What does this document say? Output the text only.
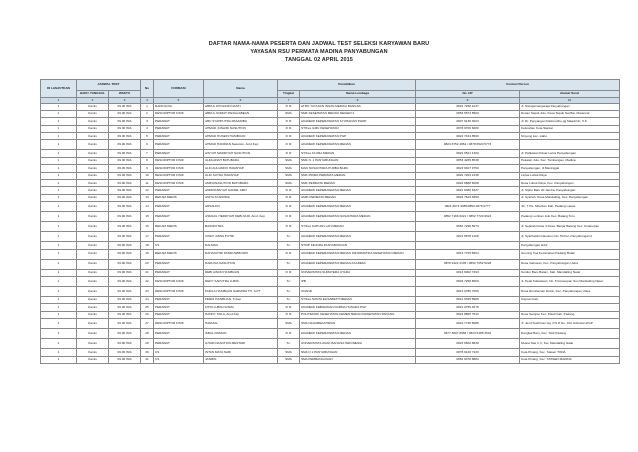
DAFTAR NAMA-NAMA PESERTA DAN JADWAL TEST SELEKSI KARYAWAN BARU
YAYASAN RSU PERMATA MADINA PANYABUNGAN
TANGGAL 02 APRIL 2015
DI LANJUTKAN	JADWAL TEST		No	FORMASI	Nama	Pendidikan		Contact Person	
	HARI / TANGGAL	WAKTU				Tingkat	Nama Lembaga	No. HP	Alamat Surat
1	2	3	4	5	6	7	8	9	10
1	Kamis	09.00 Wib	1	RADIOLOGI	ABDUL KHOLIDIN NASTI	D III	ATRO YAYASAN INSAN MEDIKA BANGSA	0822 7268 4237	Jl. Sisingamangaraja Panyabungan
1	Kamis	09.00 Wib	2	DESCRIPTOR FISIK	ABDUL SOMAT PANGGABEAN	SMA	SMK KESEHATAN MEDAN NEGERI 2	0853 5873 8500	Desan Siquik Julu, Desa Siquik Nai Bai, Marancar
1	Kamis	09.00 Wib	3	PERAWAT	ABU SYAHPUTRA PASARIBU	D III	AKADEMI KEPERAWATAN SYUHADAH PGRP	0807 6136 3023	Jl. Dr. Panyangan Dalimunthe gg Maadi No. 5-6
1	Kamis	09.00 Wib	4	PERAWAT	AHMAD JUNAIDI NASUTION	D III	STIKes ILMU KESEHATAN	0878 9706 6080	Kelurahan Kota Siantar
1	Kamis	09.00 Wib	5	PERAWAT	AHMAD HUSEIN HASIBUAN	D III	AKADEMI KEPERAWATAN PGP	0822 7434 8500	Sinyong kec. siabu
1	Kamis	09.00 Wib	6	PERAWAT	AHMAD HADRIAN Nasution, Amd.Kep	D III	AKADEMI KEPERAWATAN MEDAN	0823 6752 4864 / 0878 6520 5773	
1	Kamis	09.00 Wib	7	PERAWAT	AISYAH MARDIYAH NASUTION	D III	STIKes FLORA MEDAN	0822 6521 1300	Jl. Pahlawan Pasar Lama Panyabungan
1	Kamis	09.00 Wib	8	DESCRIPTOR FISIK	ALFAUZIAH BATUBARA	SMA	SMK N. 1 PANYABUNGAN	0853 4265 8538	Pekatan Julu, Kec. Tambangan, Madina
1	Kamis	09.00 Wib	9	DESCRIPTOR FISIK	ALFI AULIANDO HARAHAP	SMA	MAN NUSANTARA PURBA BARU	0823 6407 9750	Panyabungan, Jl.Maninggal
1	Kamis	09.00 Wib	10	DESCRIPTOR FISIK	ALDI SUTRA HARAHAP	SMA	SMK PRIMA PERMATA MEDAN	0822 7204 2138	Lintas Lubuk Raya
1	Kamis	09.00 Wib	11	DESCRIPTOR FISIK	AMINUNASUTION BATUBARA	SMA	SMK PERMATA MEDAN	0822 6868 6008	Desa Lubuk Raya, Kec. Panyabungan
1	Kamis	09.00 Wib	12	PERAWAT	ANDRIANSYAH DANIEL AMN	D III	AKADEMI KEPERAWATAN MEDAN	0821 6386 6327	Jl. Sipiro Batu 20 Jamba, Panyabungan
1	Kamis	09.00 Wib	13	REKAM MEDIS	ANITA SYAFRIDA	D III	AMIK PERMATA MEDAN	0822 7624 8350	Jl. Syariah, Desa Mandailing, Kec. Panyabungan
1	Kamis	09.00 Wib	14	PERAWAT	ARSALDO	D III	AKADEMI KEPERAWATAN MEDAN	0821 6673 4385/0852 0878 0777	Jln. T Pa. Siboltum Kab. Padang Lawas
1	Kamis	09.00 Wib	15	PERAWAT	ASMAUL HEDDIYAH DEBI NUR, Amd. Kep	D III	AKADEMI KEPERAWATAN NUSANTARA MEDAN	0852 7166 6021 / 0852 7729 9624	Padang Lumban Julu Kec. Batang Toru
1	Kamis	09.00 Wib	16	REKAM MEDIS	BAIKIPUTRA	D III	STIKes KAPUAN LAH MEDAN	0852 7298 5973	Jl. Sejarah Kelas 4 Desa. Banjar Batang Kec. Kotanopan
1	Kamis	09.00 Wib	17	PERAWAT	CINDY AZWA PUTRI	S I	AKADEMI KEPERAWATAN MEDAN	0821 8878 1168	Jl. Syarifuddin Nasution No. 50 Kel. Panyabungan II
1	Kamis	09.00 Wib	18	CS	DALMAN	S I	STKIP KEJORA PANYABUNGAN		Panyabungan kidul
1	Kamis	09.00 Wib	19	REKAM MEDIS	DAHANUTRI PANDUWIBOWO	D III	AKADEMI KEPERAWATAN MEDAN INFORMATIKA KESEHATAN MEDAN	0813 7765 6604	Gunung Tua Kecamatan Padang Bolak
1	Kamis	09.00 Wib	20	PERAWAT	DARLINA NASUTION	S I	AKADEMI KEPERAWATAN MEDAN AKADEMI	0878 9122 2135 / 0852 7652 5228	Desa Gabusan, Kec. Panyabungan Utara
1	Kamis	09.00 Wib	21	PERAWAT	DEBI AINUN HASIBUAN	D III	UNIVERSITAS SUMATERA UTARA	0813 6002 7393	Kerdun Baru Balam, Kab. Mandailing Natal
1	Kamis	09.00 Wib	22	DESCRIPTOR FISIK	DEDY SAPUTRA LUBIS	S I	IPB	0822 7258 8060	Jl. Petal Kabulasan, No. 5 Kotasopan Sun Mandailing Natal
1	Kamis	09.00 Wib	23	DESCRIPTOR FISIK	FADILA HASIBUAN SARMIDA TH. S.PT	S I	UNAND	0813 6786 7666	Desa Rumbaman Dolok, Kec. Panyabungan Utara
1	Kamis	09.00 Wib	24	PERAWAT	FERDI HASIBUAN, S.Kep	S I	STIKes SANTA ELISABETH MEDAN	0812 6395 8908	Kayuan Kab.
1	Kamis	09.00 Wib	25	PERAWAT	FITRI LUBIS NUNIM	D III	AKADEMI KEBIDANAN DARMA HUSADA PGP	0821 6755 4575	
1	Kamis	09.00 Wib	26	PERAWAT	HANNY SOLA, Amd.Kep	D III	POLITEKNIK KESEHATAN KEMENTERIAN KESEHATAN PADANG	0823 8865 7543	Desa Sampar Kec. Pisah Kab. Padang
1	Kamis	09.00 Wib	27	DESCRIPTOR FISIK	HARIZAL	SMA	SMA NAGAREKAHIRAN	0822 7748 5088	Jl. Jend Sudirman Gg. P.S D No. 10A Gabusan PGP
1	Kamis	09.00 Wib	28	PERAWAT	IKBAL FIRMAN	D III	AKADEMI KEPERAWATAN MEDAN	0877 6697 8558 / 0823 6488 3616	Dangkal Baru, Kec. Sirik Padang
1	Kamis	09.00 Wib	29	PERAWAT	ILHAM NASUTION BESTARI	S I	UNIVERSITAS ANAK BANGSA INDONESIA	0823 6500 8838	Muara Tais II, II, Kel. Mandailing Natal
1	Kamis	09.00 Wib	30	CS	INTAN MAYA SARI	SMA	SMA N 1 PANYABUNGAN	0878 6126 7229	Kota Pinang, Kec. Stasen TODA
1	Kamis	09.00 Wib	31	CS	JASMIN	SMA	SMA PEMBANGUNAN	0852 6078 8883	Kota Pinang, Kec. STASEN MADINA
